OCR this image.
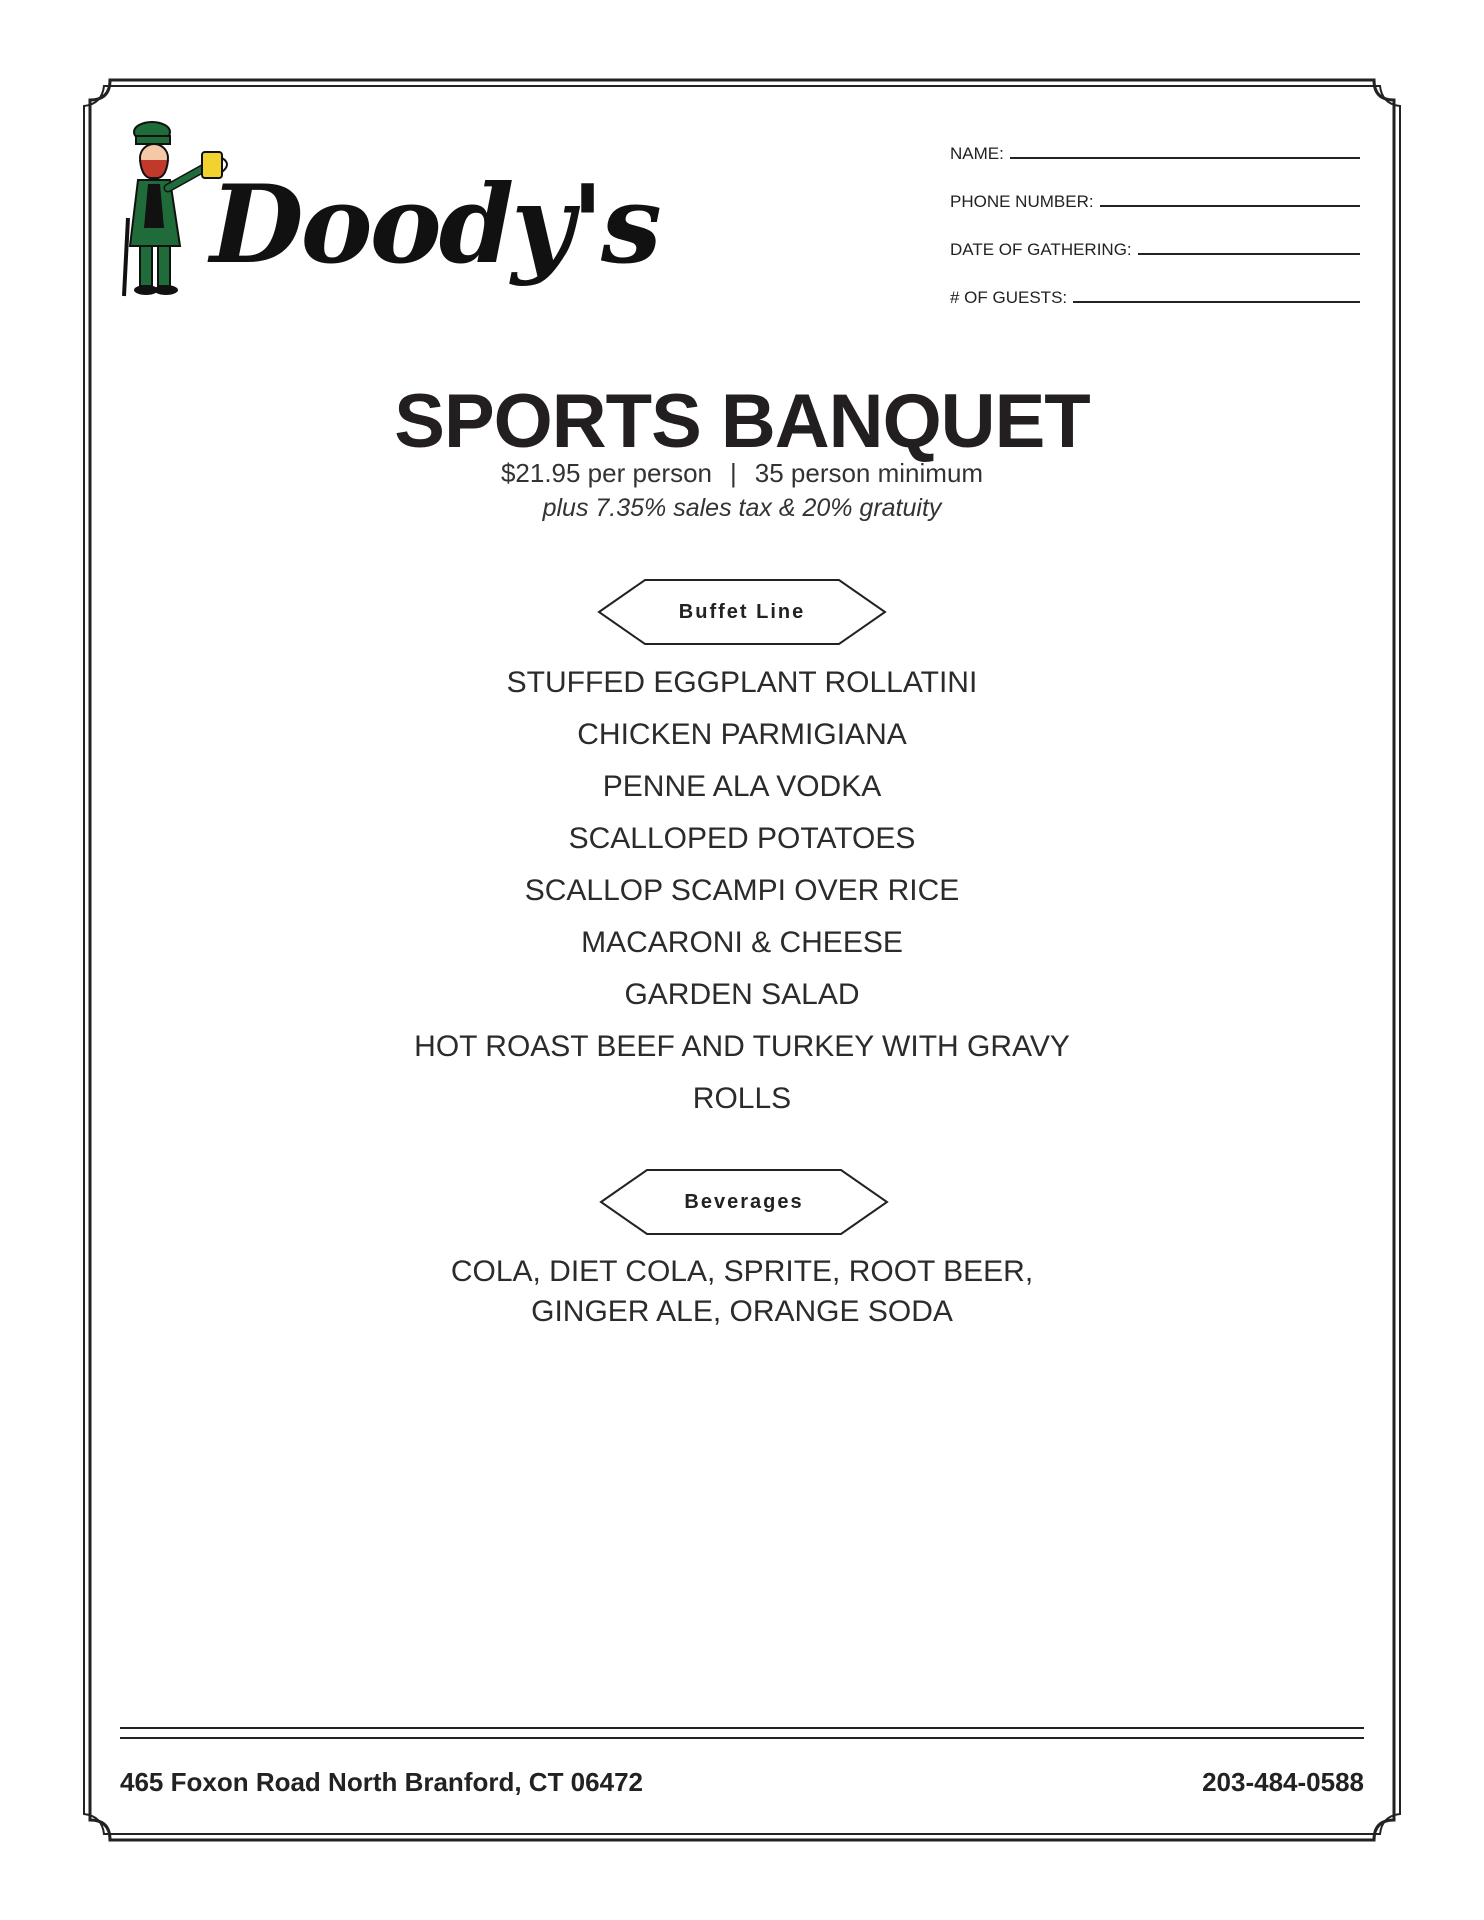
Doody's
NAME:
PHONE NUMBER:
DATE OF GATHERING:
# OF GUESTS:
SPORTS BANQUET
$21.95 per person | 35 person minimum
plus 7.35% sales tax & 20% gratuity
Buffet Line
STUFFED EGGPLANT ROLLATINI
CHICKEN PARMIGIANA
PENNE ALA VODKA
SCALLOPED POTATOES
SCALLOP SCAMPI OVER RICE
MACARONI & CHEESE
GARDEN SALAD
HOT ROAST BEEF AND TURKEY WITH GRAVY
ROLLS
Beverages
COLA, DIET COLA, SPRITE, ROOT BEER,
GINGER ALE, ORANGE SODA
465 Foxon Road North Branford, CT 06472	203-484-0588
